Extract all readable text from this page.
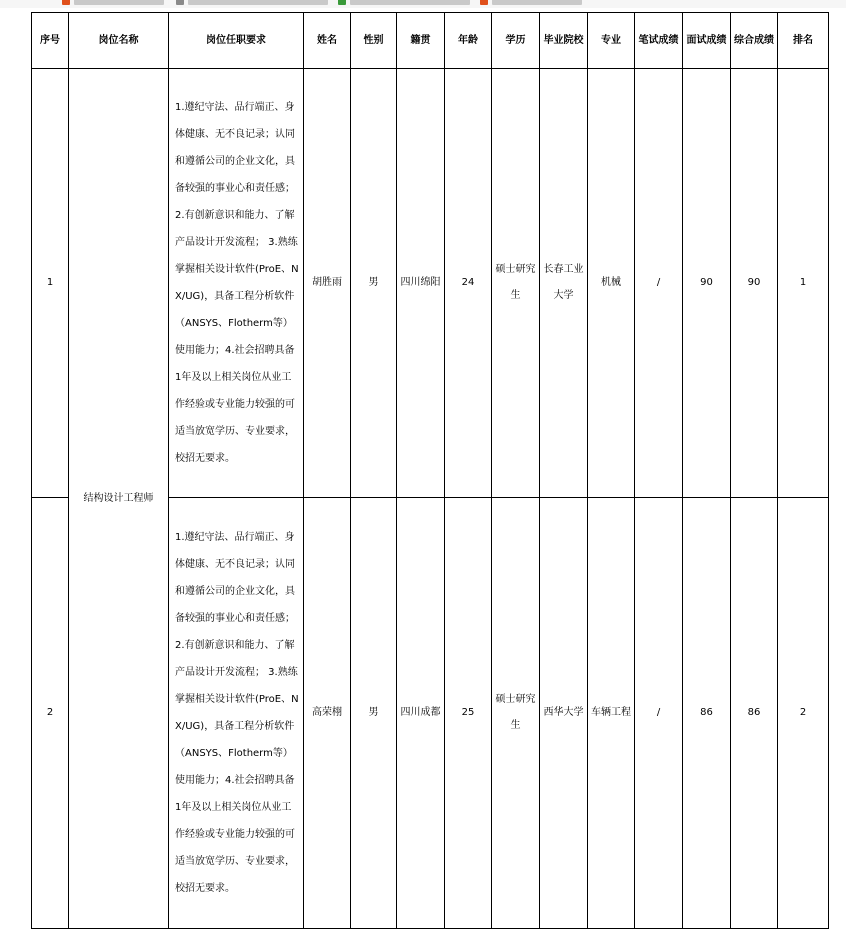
序号	岗位名称	岗位任职要求	姓名	性别	籍贯	年龄	学历	毕业院校	专业	笔试成绩	面试成绩	综合成绩	排名
1	结构设计工程师	1.遵纪守法、品行端正、身体健康、无不良记录；认同和遵循公司的企业文化，具备较强的事业心和责任感； 2.有创新意识和能力、了解产品设计开发流程； 3.熟练掌握相关设计软件(ProE、NX/UG)，具备工程分析软件（ANSYS、Flotherm等）使用能力；4.社会招聘具备1年及以上相关岗位从业工作经验或专业能力较强的可适当放宽学历、专业要求，校招无要求。	胡胜雨	男	四川绵阳	24	硕士研究生	长春工业大学	机械	/	90	90	1
2		1.遵纪守法、品行端正、身体健康、无不良记录；认同和遵循公司的企业文化，具备较强的事业心和责任感； 2.有创新意识和能力、了解产品设计开发流程； 3.熟练掌握相关设计软件(ProE、NX/UG)，具备工程分析软件（ANSYS、Flotherm等）使用能力；4.社会招聘具备1年及以上相关岗位从业工作经验或专业能力较强的可适当放宽学历、专业要求，校招无要求。	高荣栩	男	四川成都	25	硕士研究生	西华大学	车辆工程	/	86	86	2
